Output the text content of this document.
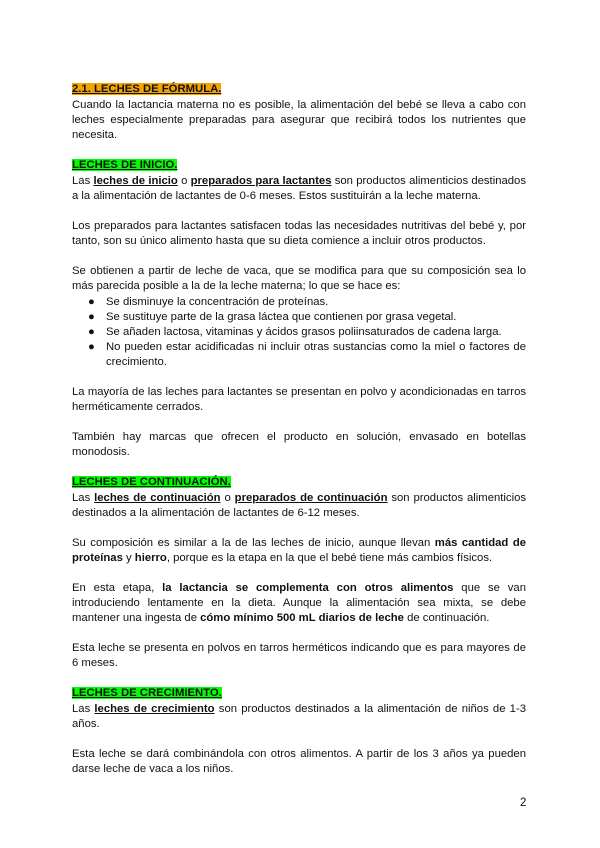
2.1. LECHES DE FÓRMULA.

Cuando la lactancia materna no es posible, la alimentación del bebé se lleva a cabo con leches especialmente preparadas para asegurar que recibirá todos los nutrientes que necesita.

LECHES DE INICIO.

Las leches de inicio o preparados para lactantes son productos alimenticios destinados a la alimentación de lactantes de 0-6 meses. Estos sustituirán a la leche materna.

Los preparados para lactantes satisfacen todas las necesidades nutritivas del bebé y, por tanto, son su único alimento hasta que su dieta comience a incluir otros productos.

Se obtienen a partir de leche de vaca, que se modifica para que su composición sea lo más parecida posible a la de la leche materna; lo que se hace es:

● Se disminuye la concentración de proteínas.
● Se sustituye parte de la grasa láctea que contienen por grasa vegetal.
● Se añaden lactosa, vitaminas y ácidos grasos poliinsaturados de cadena larga.
● No pueden estar acidificadas ni incluir otras sustancias como la miel o factores de crecimiento.

La mayoría de las leches para lactantes se presentan en polvo y acondicionadas en tarros herméticamente cerrados.

También hay marcas que ofrecen el producto en solución, envasado en botellas monodosis.

LECHES DE CONTINUACIÓN.

Las leches de continuación o preparados de continuación son productos alimenticios destinados a la alimentación de lactantes de 6-12 meses.

Su composición es similar a la de las leches de inicio, aunque llevan más cantidad de proteínas y hierro, porque es la etapa en la que el bebé tiene más cambios físicos.

En esta etapa, la lactancia se complementa con otros alimentos que se van introduciendo lentamente en la dieta. Aunque la alimentación sea mixta, se debe mantener una ingesta de cómo mínimo 500 mL diarios de leche de continuación.

Esta leche se presenta en polvos en tarros herméticos indicando que es para mayores de 6 meses.

LECHES DE CRECIMIENTO.

Las leches de crecimiento son productos destinados a la alimentación de niños de 1-3 años.

Esta leche se dará combinándola con otros alimentos. A partir de los 3 años ya pueden darse leche de vaca a los niños.

2
